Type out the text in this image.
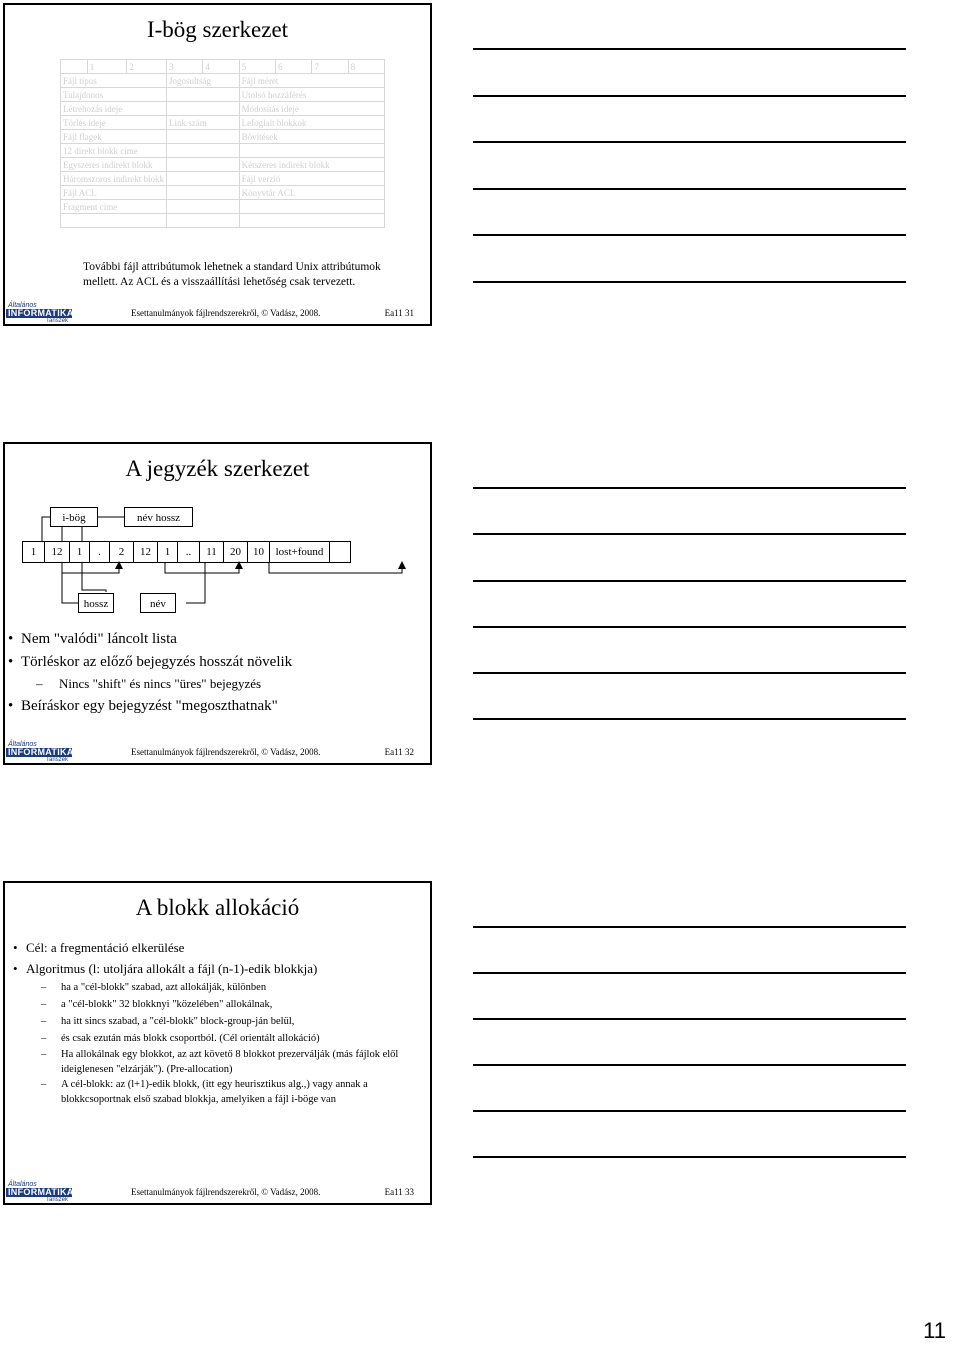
I-bög szerkezet
	1	2	3	4	5	6	7	8
Fájl típus			Jogosultság		Fájl méret			
Tulajdonos					Utolsó hozzáférés			
Létrehozás ideje					Módosítás ideje			
Törlés ideje			Link szám		Lefoglalt blokkok			
Fájl flagek					Bővítések			
12 direkt blokk címe								
Egyszeres indirekt blokk					Kétszeres indirekt blokk			
Háromszoros indirekt blokk					Fájl verzió			
Fájl ACL					Könyvtár ACL			
Fragment címe								

További fájl attribútumok lehetnek a standard Unix attribútumok mellett. Az ACL és a visszaállítási lehetőség csak tervezett.
Általános
INFORMATIKAI
Tanszék
Esettanulmányok fájlrendszerekről, © Vadász, 2008.	Ea11 31
A jegyzék szerkezet
Általános
INFORMATIKAI
Tanszék
Esettanulmányok fájlrendszerekről, © Vadász, 2008.	Ea11 32
i-bög	név hossz
1	12	1	.	2	12	1	..	11	20	10	lost+found
hossz	név
• Nem "valódi" láncolt lista
• Törléskor az előző bejegyzés hosszát növelik
– Nincs "shift" és nincs "üres" bejegyzés
• Beíráskor egy bejegyzést "megoszthatnak"
A blokk allokáció
• Cél: a fregmentáció elkerülése
• Algoritmus (l: utoljára allokált a fájl (n-1)-edik blokkja)
– ha a "cél-blokk" szabad, azt allokálják, különben
– a "cél-blokk" 32 blokknyi "közelében" allokálnak,
– ha itt sincs szabad, a "cél-blokk" block-group-ján belül,
– és csak ezután más blokk csoportból. (Cél orientált allokáció)
– Ha allokálnak egy blokkot, az azt követő 8 blokkot prezerválják (más fájlok elől ideiglenesen "elzárják"). (Pre-allocation)
– A cél-blokk: az (l+1)-edik blokk, (itt egy heurisztikus alg.,) vagy annak a blokkcsoportnak első szabad blokkja, amelyiken a fájl i-böge van
Általános
INFORMATIKAI
Tanszék
Esettanulmányok fájlrendszerekről, © Vadász, 2008.	Ea11 33
11
